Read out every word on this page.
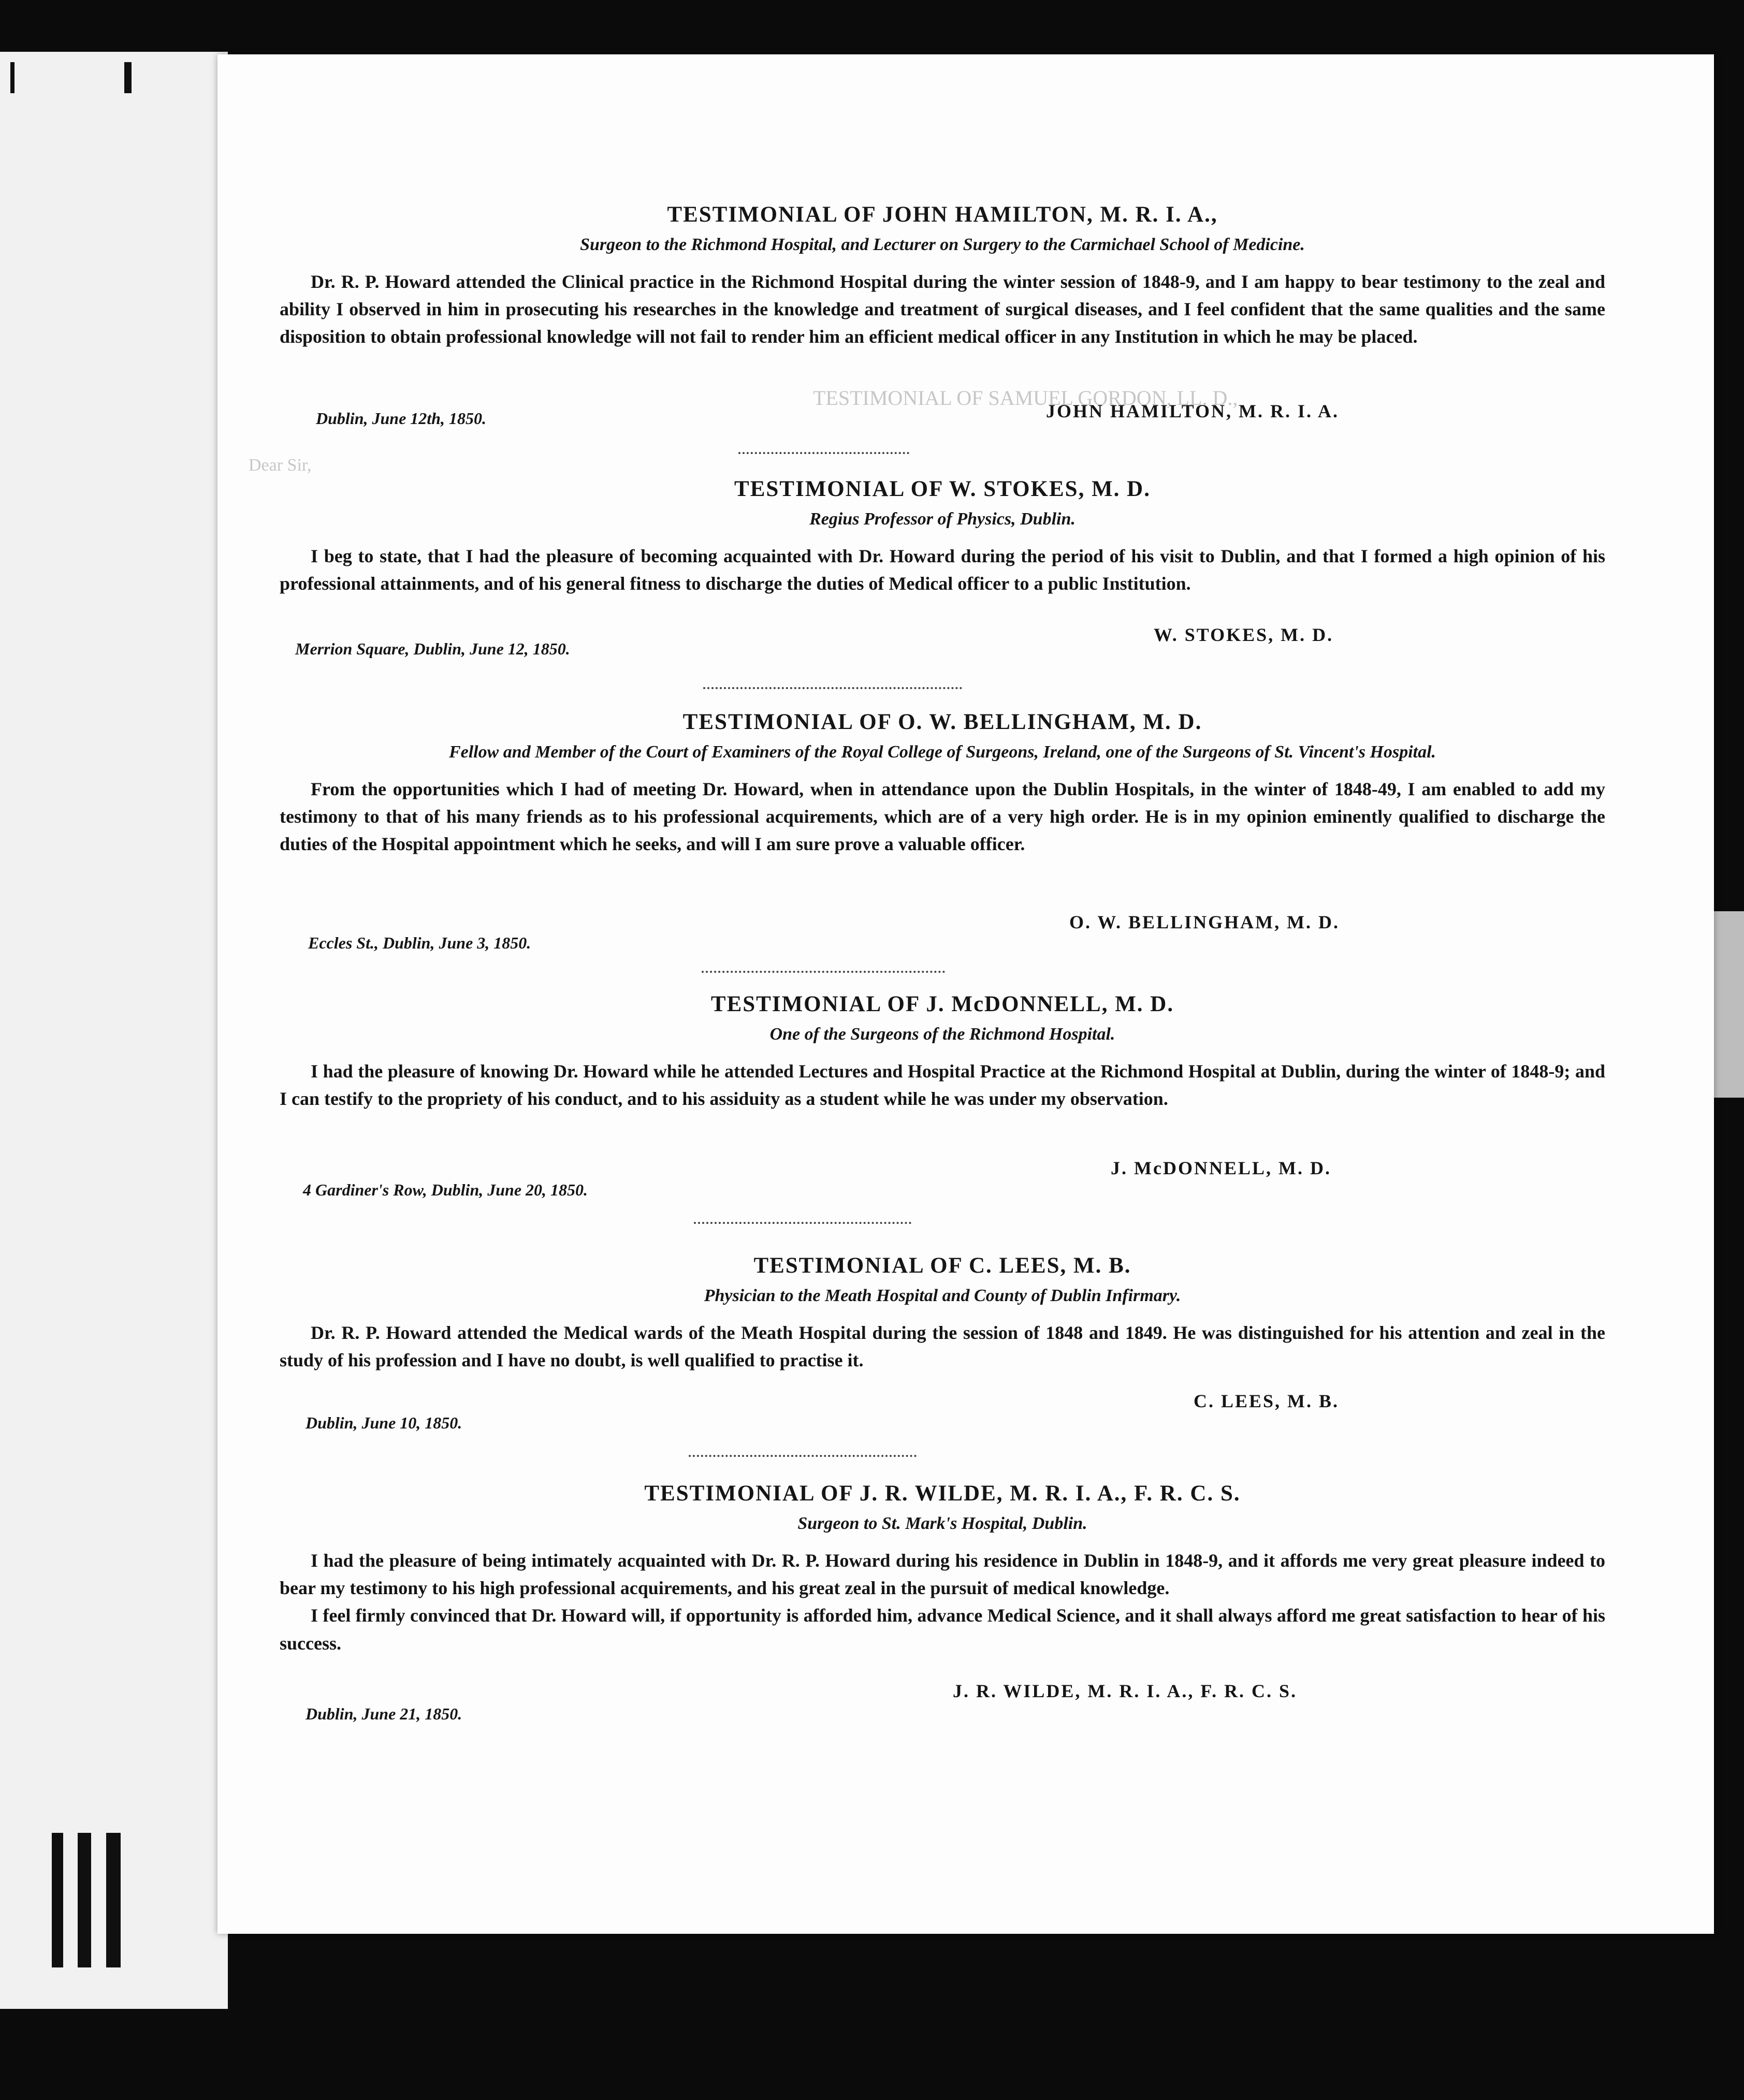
TESTIMONIAL OF SAMUEL GORDON, LL. D.,
Dear Sir,
TESTIMONIAL OF JOHN HAMILTON, M. R. I. A.,
Surgeon to the Richmond Hospital, and Lecturer on Surgery to the Carmichael School of Medicine.

Dr. R. P. Howard attended the Clinical practice in the Richmond Hospital during the winter session of 1848-9, and I am happy to bear testimony to the zeal and ability I observed in him in prosecuting his researches in the knowledge and treatment of surgical diseases, and I feel confident that the same qualities and the same disposition to obtain professional knowledge will not fail to render him an efficient medical officer in any Institution in which he may be placed.

JOHN HAMILTON, M. R. I. A.
Dublin, June 12th, 1850.
TESTIMONIAL OF W. STOKES, M. D.
Regius Professor of Physics, Dublin.

I beg to state, that I had the pleasure of becoming acquainted with Dr. Howard during the period of his visit to Dublin, and that I formed a high opinion of his professional attainments, and of his general fitness to discharge the duties of Medical officer to a public Institution.

W. STOKES, M. D.
Merrion Square, Dublin, June 12, 1850.
TESTIMONIAL OF O. W. BELLINGHAM, M. D.
Fellow and Member of the Court of Examiners of the Royal College of Surgeons, Ireland, one of the Surgeons of St. Vincent's Hospital.

From the opportunities which I had of meeting Dr. Howard, when in attendance upon the Dublin Hospitals, in the winter of 1848-49, I am enabled to add my testimony to that of his many friends as to his professional acquirements, which are of a very high order. He is in my opinion eminently qualified to discharge the duties of the Hospital appointment which he seeks, and will I am sure prove a valuable officer.

O. W. BELLINGHAM, M. D.
Eccles St., Dublin, June 3, 1850.
TESTIMONIAL OF J. McDONNELL, M. D.
One of the Surgeons of the Richmond Hospital.

I had the pleasure of knowing Dr. Howard while he attended Lectures and Hospital Practice at the Richmond Hospital at Dublin, during the winter of 1848-9; and I can testify to the propriety of his conduct, and to his assiduity as a student while he was under my observation.

J. McDONNELL, M. D.
4 Gardiner's Row, Dublin, June 20, 1850.
TESTIMONIAL OF C. LEES, M. B.
Physician to the Meath Hospital and County of Dublin Infirmary.

Dr. R. P. Howard attended the Medical wards of the Meath Hospital during the session of 1848 and 1849. He was distinguished for his attention and zeal in the study of his profession and I have no doubt, is well qualified to practise it.

C. LEES, M. B.
Dublin, June 10, 1850.
TESTIMONIAL OF J. R. WILDE, M. R. I. A., F. R. C. S.
Surgeon to St. Mark's Hospital, Dublin.

I had the pleasure of being intimately acquainted with Dr. R. P. Howard during his residence in Dublin in 1848-9, and it affords me very great pleasure indeed to bear my testimony to his high professional acquirements, and his great zeal in the pursuit of medical knowledge.

I feel firmly convinced that Dr. Howard will, if opportunity is afforded him, advance Medical Science, and it shall always afford me great satisfaction to hear of his success.

J. R. WILDE, M. R. I. A., F. R. C. S.
Dublin, June 21, 1850.
